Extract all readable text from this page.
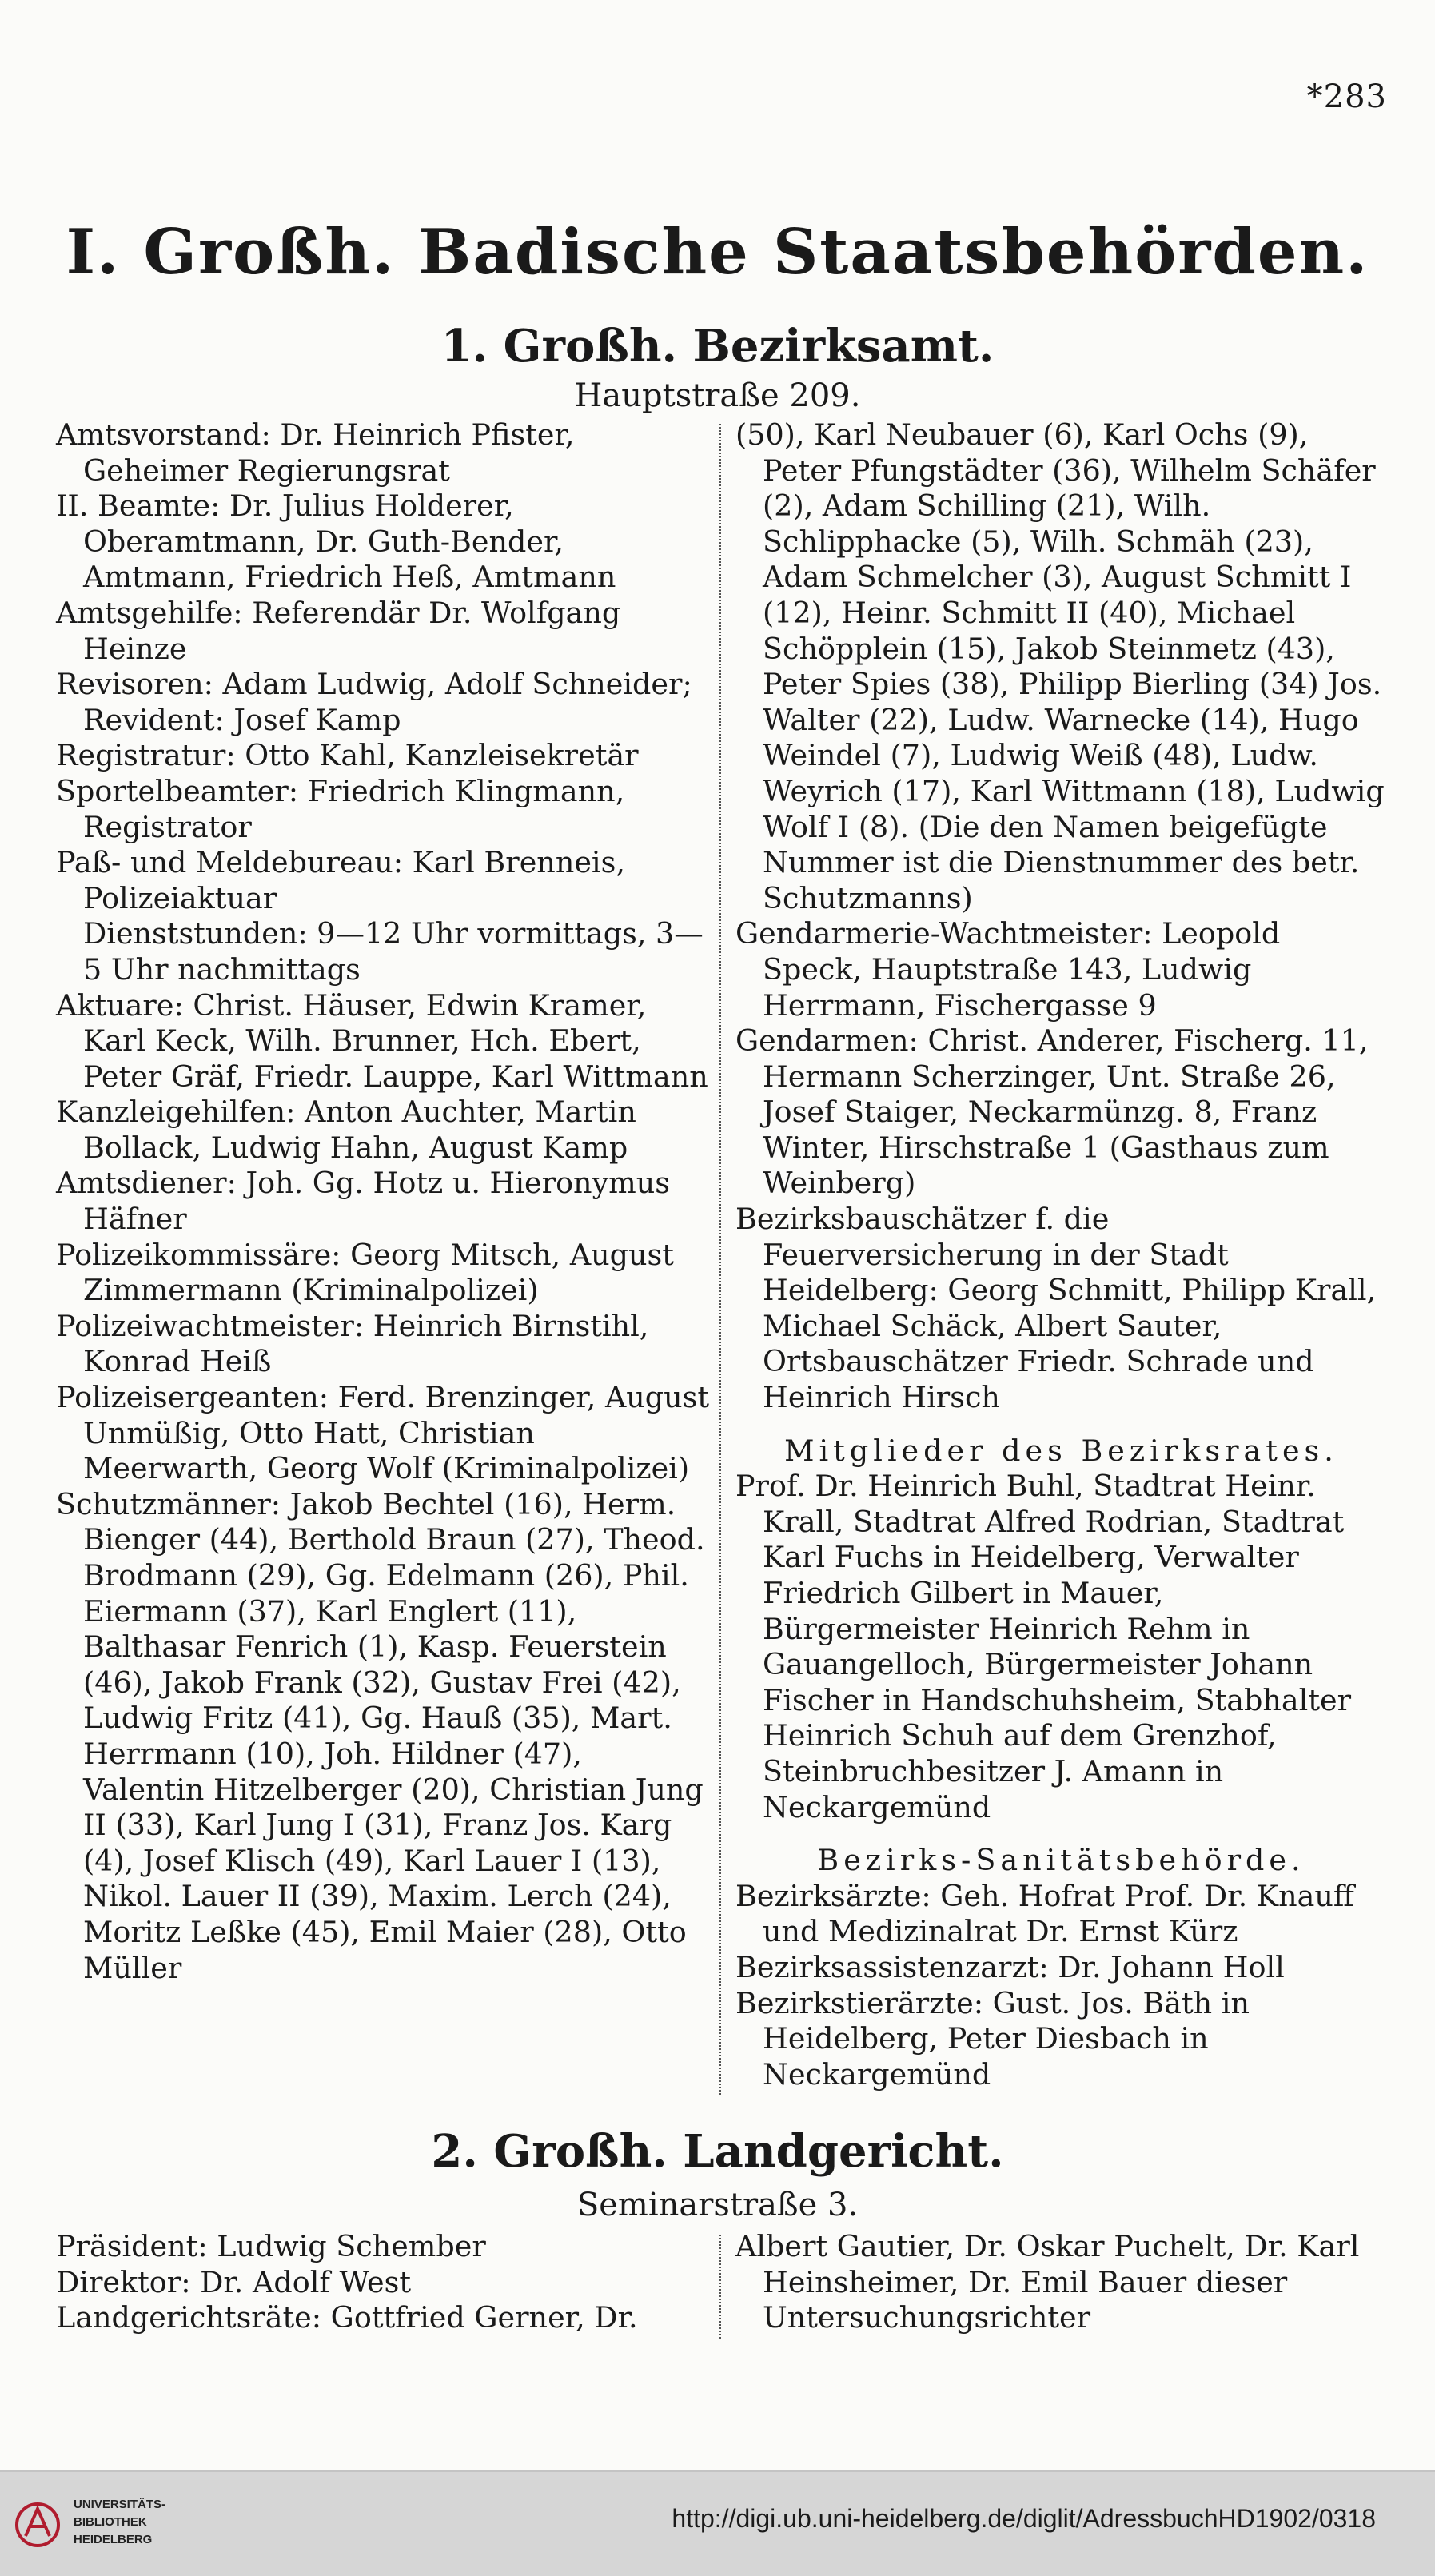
*283
I. Großh. Badische Staatsbehörden.
1. Großh. Bezirksamt.
Hauptstraße 209.

Amtsvorstand: Dr. Heinrich Pfister, Geheimer Regierungsrat

II. Beamte: Dr. Julius Holderer, Oberamtmann, Dr. Guth-Bender, Amtmann, Friedrich Heß, Amtmann

Amtsgehilfe: Referendär Dr. Wolfgang Heinze

Revisoren: Adam Ludwig, Adolf Schneider; Revident: Josef Kamp

Registratur: Otto Kahl, Kanzleisekretär

Sportelbeamter: Friedrich Klingmann, Registrator

Paß- und Meldebureau: Karl Brenneis, Polizeiaktuar

Dienststunden: 9—12 Uhr vormittags, 3—5 Uhr nachmittags

Aktuare: Christ. Häuser, Edwin Kramer, Karl Keck, Wilh. Brunner, Hch. Ebert, Peter Gräf, Friedr. Lauppe, Karl Wittmann

Kanzleigehilfen: Anton Auchter, Martin Bollack, Ludwig Hahn, August Kamp

Amtsdiener: Joh. Gg. Hotz u. Hieronymus Häfner

Polizeikommissäre: Georg Mitsch, August Zimmermann (Kriminalpolizei)

Polizeiwachtmeister: Heinrich Birnstihl, Konrad Heiß

Polizeisergeanten: Ferd. Brenzinger, August Unmüßig, Otto Hatt, Christian Meerwarth, Georg Wolf (Kriminalpolizei)

Schutzmänner: Jakob Bechtel (16), Herm. Bienger (44), Berthold Braun (27), Theod. Brodmann (29), Gg. Edelmann (26), Phil. Eiermann (37), Karl Englert (11), Balthasar Fenrich (1), Kasp. Feuerstein (46), Jakob Frank (32), Gustav Frei (42), Ludwig Fritz (41), Gg. Hauß (35), Mart. Herrmann (10), Joh. Hildner (47), Valentin Hitzelberger (20), Christian Jung II (33), Karl Jung I (31), Franz Jos. Karg (4), Josef Klisch (49), Karl Lauer I (13), Nikol. Lauer II (39), Maxim. Lerch (24), Moritz Leßke (45), Emil Maier (28), Otto Müller

(50), Karl Neubauer (6), Karl Ochs (9), Peter Pfungstädter (36), Wilhelm Schäfer (2), Adam Schilling (21), Wilh. Schlipphacke (5), Wilh. Schmäh (23), Adam Schmelcher (3), August Schmitt I (12), Heinr. Schmitt II (40), Michael Schöpplein (15), Jakob Steinmetz (43), Peter Spies (38), Philipp Bierling (34) Jos. Walter (22), Ludw. Warnecke (14), Hugo Weindel (7), Ludwig Weiß (48), Ludw. Weyrich (17), Karl Wittmann (18), Ludwig Wolf I (8). (Die den Namen beigefügte Nummer ist die Dienstnummer des betr. Schutzmanns)

Gendarmerie-Wachtmeister: Leopold Speck, Hauptstraße 143, Ludwig Herrmann, Fischergasse 9

Gendarmen: Christ. Anderer, Fischerg. 11, Hermann Scherzinger, Unt. Straße 26, Josef Staiger, Neckarmünzg. 8, Franz Winter, Hirschstraße 1 (Gasthaus zum Weinberg)

Bezirksbauschätzer f. die Feuerversicherung in der Stadt Heidelberg: Georg Schmitt, Philipp Krall, Michael Schäck, Albert Sauter, Ortsbauschätzer Friedr. Schrade und Heinrich Hirsch

Mitglieder des Bezirksrates.

Prof. Dr. Heinrich Buhl, Stadtrat Heinr. Krall, Stadtrat Alfred Rodrian, Stadtrat Karl Fuchs in Heidelberg, Verwalter Friedrich Gilbert in Mauer, Bürgermeister Heinrich Rehm in Gauangelloch, Bürgermeister Johann Fischer in Handschuhsheim, Stabhalter Heinrich Schuh auf dem Grenzhof, Steinbruchbesitzer J. Amann in Neckargemünd

Bezirks-Sanitätsbehörde.

Bezirksärzte: Geh. Hofrat Prof. Dr. Knauff und Medizinalrat Dr. Ernst Kürz

Bezirksassistenzarzt: Dr. Johann Holl

Bezirkstierärzte: Gust. Jos. Bäth in Heidelberg, Peter Diesbach in Neckargemünd

2. Großh. Landgericht.
Seminarstraße 3.

Präsident: Ludwig Schember

Direktor: Dr. Adolf West

Landgerichtsräte: Gottfried Gerner, Dr.

Albert Gautier, Dr. Oskar Puchelt, Dr. Karl Heinsheimer, Dr. Emil Bauer dieser Untersuchungsrichter

UNIVERSITÄTS-
BIBLIOTHEK
HEIDELBERG
http://digi.ub.uni-heidelberg.de/diglit/AdressbuchHD1902/0318
